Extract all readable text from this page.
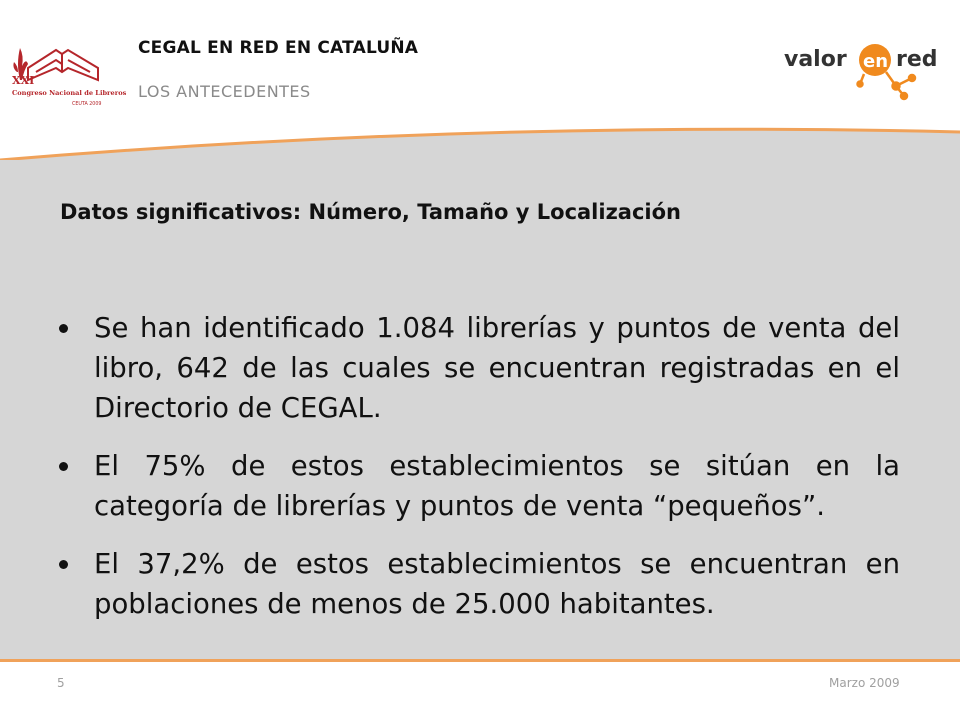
XXI
Congreso Nacional de Libreros
CEUTA 2009
CEGAL EN RED EN CATALUÑA
LOS ANTECEDENTES
valor en red
Datos significativos: Número, Tamaño y Localización
Se han identificado 1.084 librerías y puntos de venta del libro, 642 de las cuales se encuentran registradas en el Directorio de CEGAL.
El 75% de estos establecimientos se sitúan en la categoría de librerías y puntos de venta “pequeños”.
El 37,2% de estos establecimientos se encuentran en poblaciones de menos de 25.000 habitantes.
5	Marzo 2009
